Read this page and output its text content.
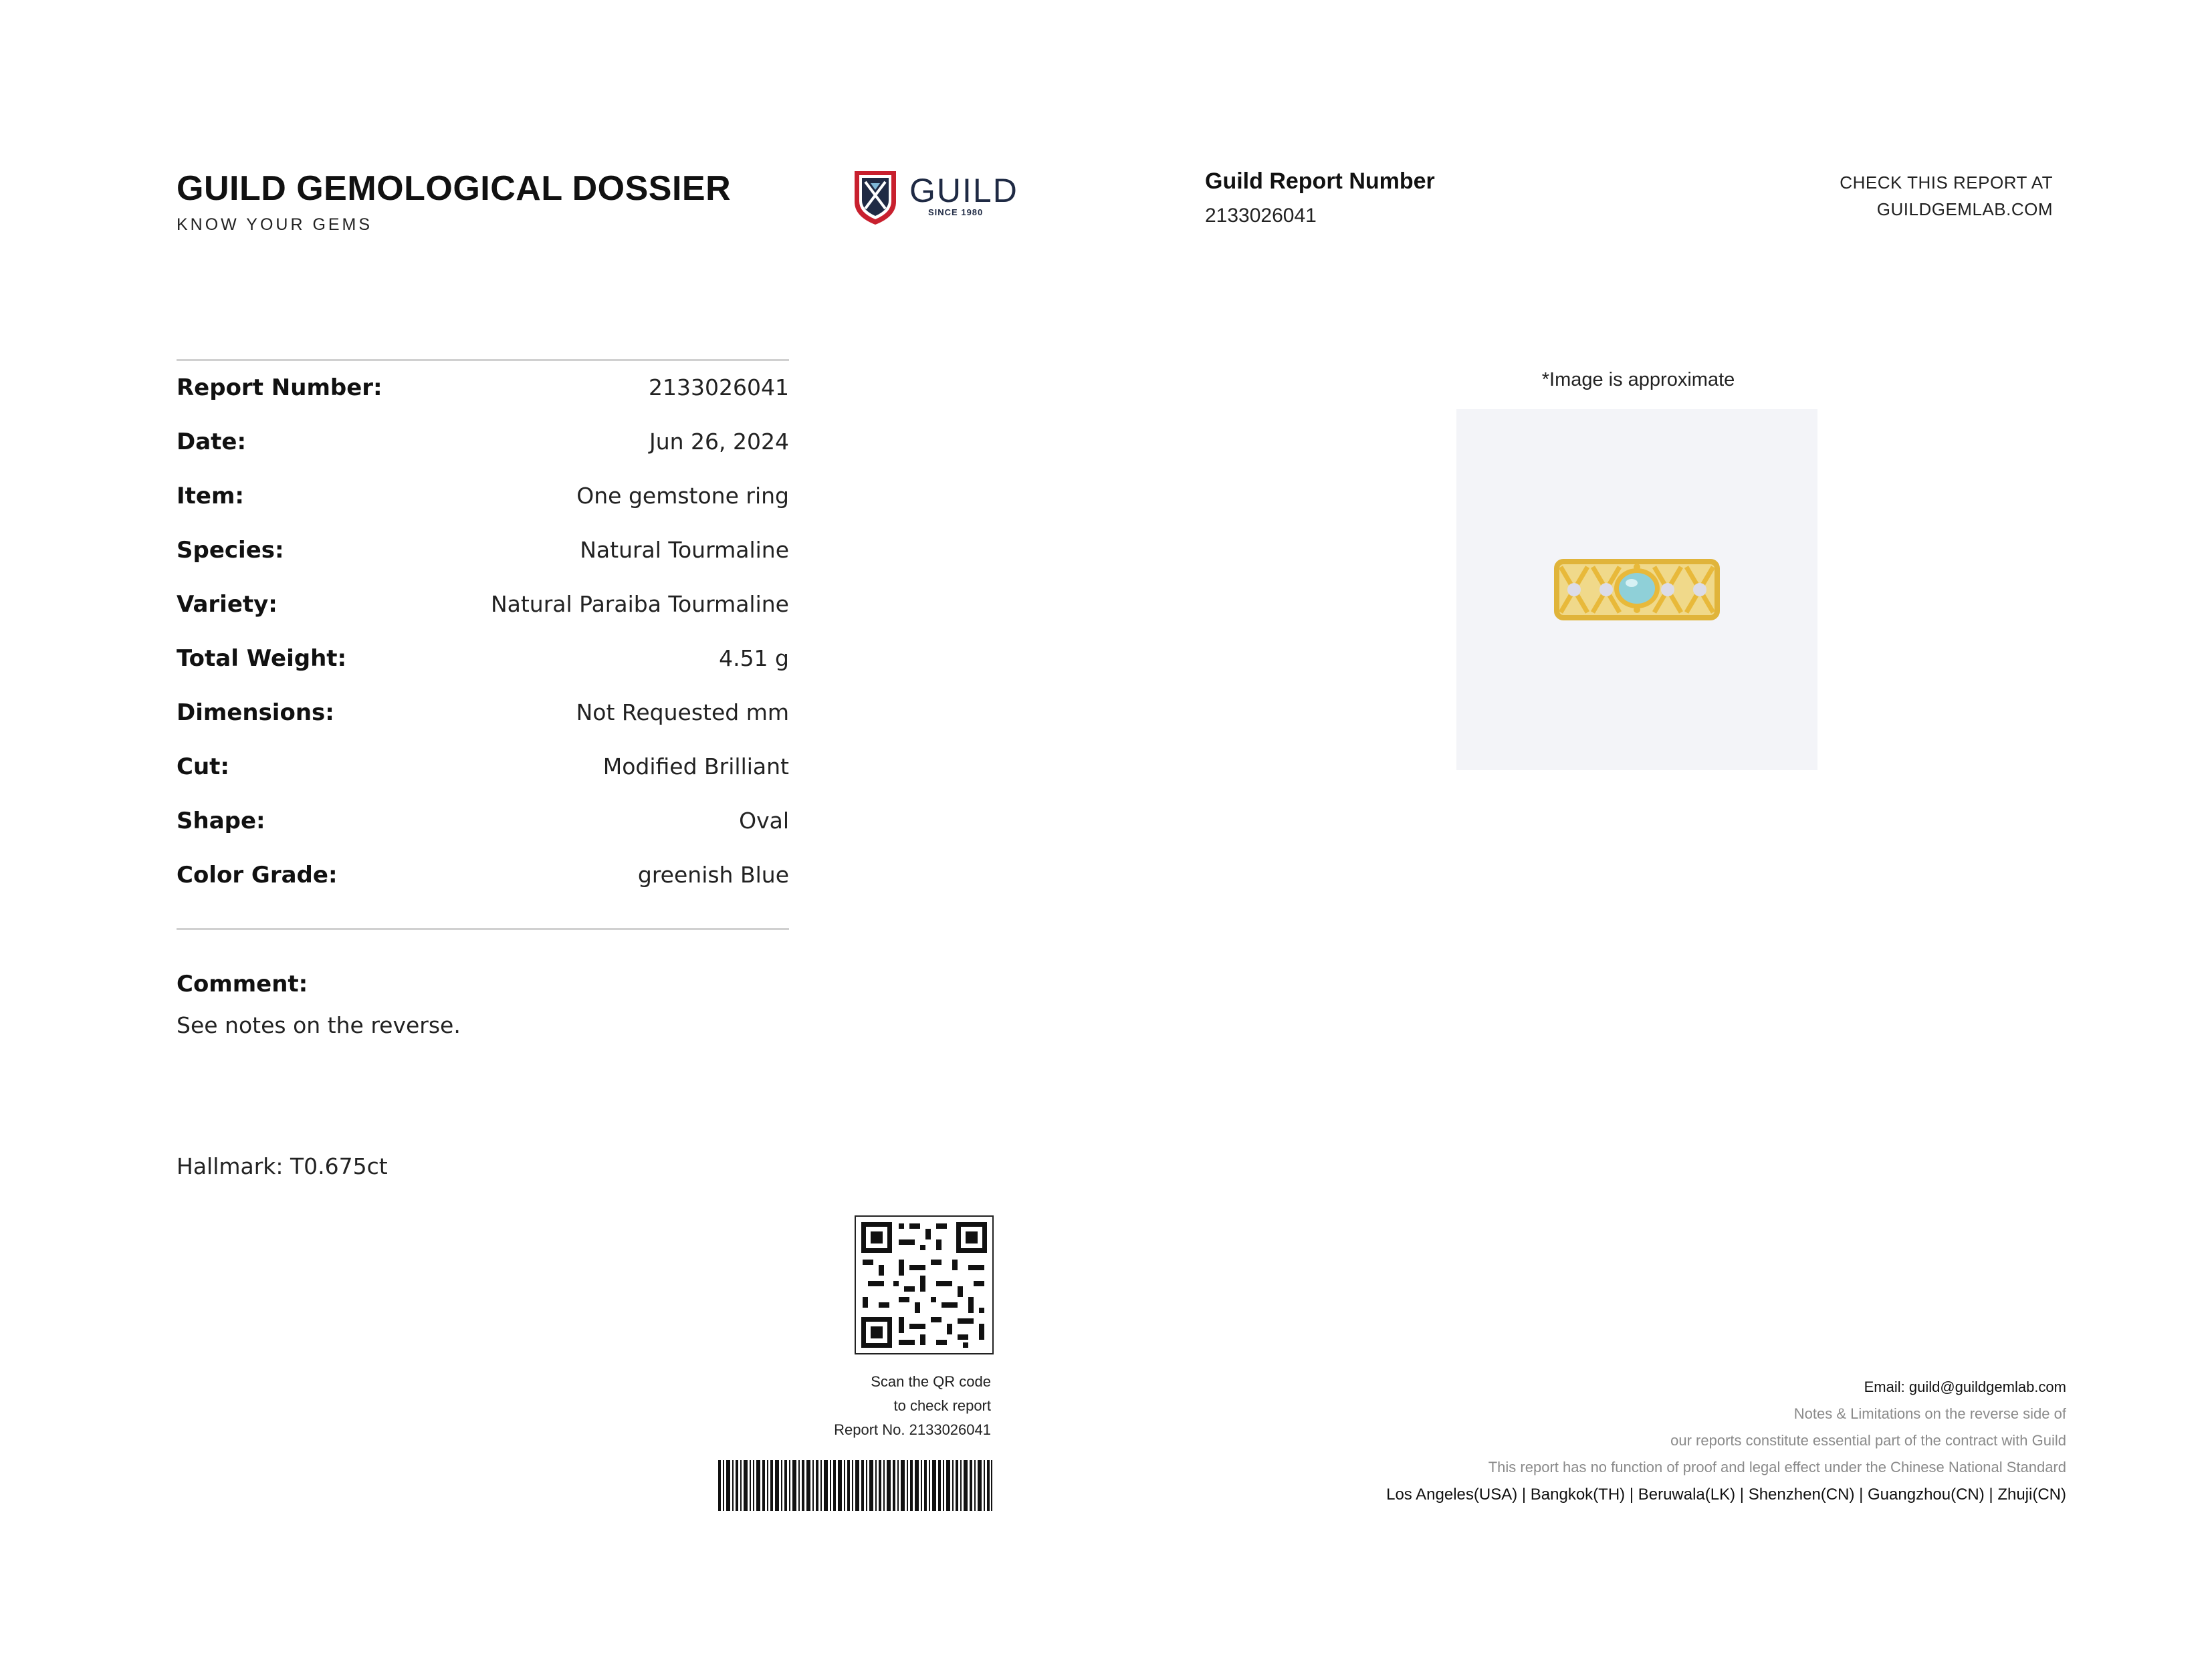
GUILD GEMOLOGICAL DOSSIER
KNOW YOUR GEMS
GUILD
SINCE 1980
Guild Report Number
2133026041
CHECK THIS REPORT AT
GUILDGEMLAB.COM
Report Number:	2133026041
Date:	Jun 26, 2024
Item:	One gemstone ring
Species:	Natural Tourmaline
Variety:	Natural Paraiba Tourmaline
Total Weight:	4.51 g
Dimensions:	Not Requested mm
Cut:	Modified Brilliant
Shape:	Oval
Color Grade:	greenish Blue
Comment:
See notes on the reverse.
Hallmark: T0.675ct
*Image is approximate
Scan the QR code
to check report
Report No. 2133026041
Email: guild@guildgemlab.com
Notes & Limitations on the reverse side of
our reports constitute essential part of the contract with Guild
This report has no function of proof and legal effect under the Chinese National Standard
Los Angeles(USA) | Bangkok(TH) | Beruwala(LK) | Shenzhen(CN) | Guangzhou(CN) | Zhuji(CN)
